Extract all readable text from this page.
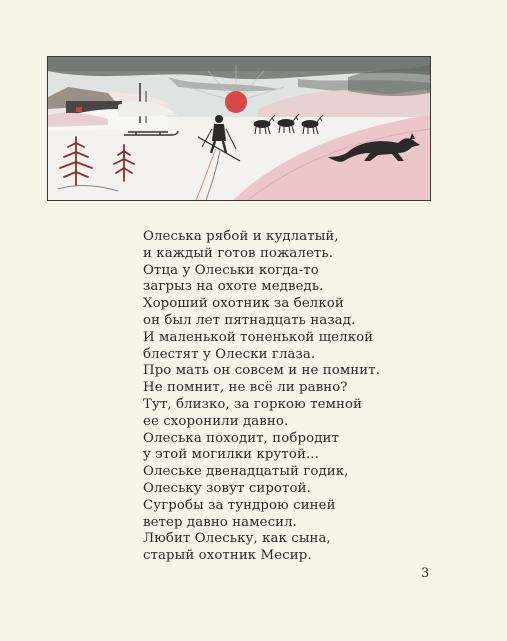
Олеська рябой и кудлатый,
и каждый готов пожалеть.
Отца у Олеськи когда-то
загрыз на охоте медведь.
Хороший охотник за белкой
он был лет пятнадцать назад.
И маленькой тоненькой щелкой
блестят у Олески глаза.
Про мать он совсем и не помнит.
Не помнит, не всё ли равно?
Тут, близко, за горкою темной
ее схоронили давно.
Олеська походит, побродит
у этой могилки крутой...
Олеське двенадцатый годик,
Олеську зовут сиротой.
Сугробы за тундрою синей
ветер давно намесил.
Любит Олеську, как сына,
старый охотник Месир.
3
